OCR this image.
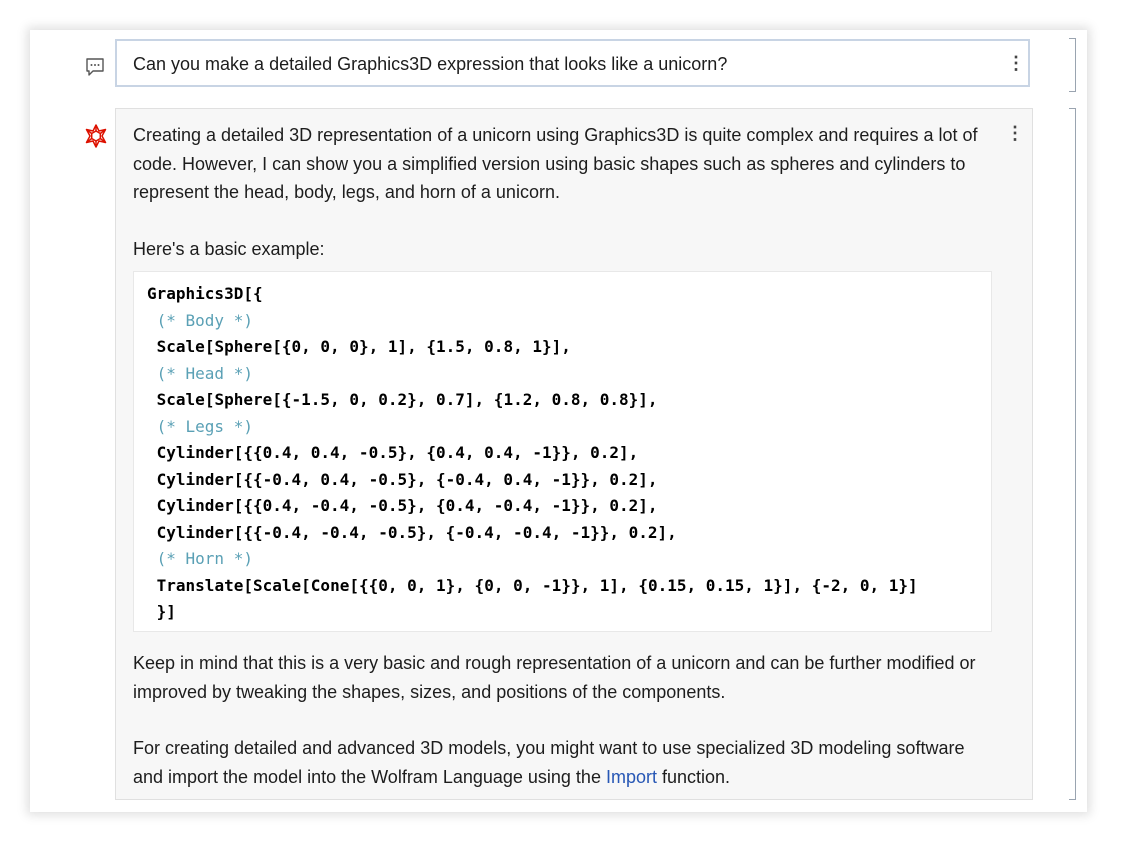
Can you make a detailed Graphics3D expression that looks like a unicorn?	⋮
⋮

Creating a detailed 3D representation of a unicorn using Graphics3D is quite complex and requires a lot of code. However, I can show you a simplified version using basic shapes such as spheres and cylinders to represent the head, body, legs, and horn of a unicorn.

Here's a basic example:

Graphics3D[{
(* Body *)
Scale[Sphere[{0, 0, 0}, 1], {1.5, 0.8, 1}],
(* Head *)
Scale[Sphere[{-1.5, 0, 0.2}, 0.7], {1.2, 0.8, 0.8}],
(* Legs *)
Cylinder[{{0.4, 0.4, -0.5}, {0.4, 0.4, -1}}, 0.2],
Cylinder[{{-0.4, 0.4, -0.5}, {-0.4, 0.4, -1}}, 0.2],
Cylinder[{{0.4, -0.4, -0.5}, {0.4, -0.4, -1}}, 0.2],
Cylinder[{{-0.4, -0.4, -0.5}, {-0.4, -0.4, -1}}, 0.2],
(* Horn *)
Translate[Scale[Cone[{{0, 0, 1}, {0, 0, -1}}, 1], {0.15, 0.15, 1}], {-2, 0, 1}]
}]

Keep in mind that this is a very basic and rough representation of a unicorn and can be further modified or improved by tweaking the shapes, sizes, and positions of the components.

For creating detailed and advanced 3D models, you might want to use specialized 3D modeling software and import the model into the Wolfram Language using the Import function.
